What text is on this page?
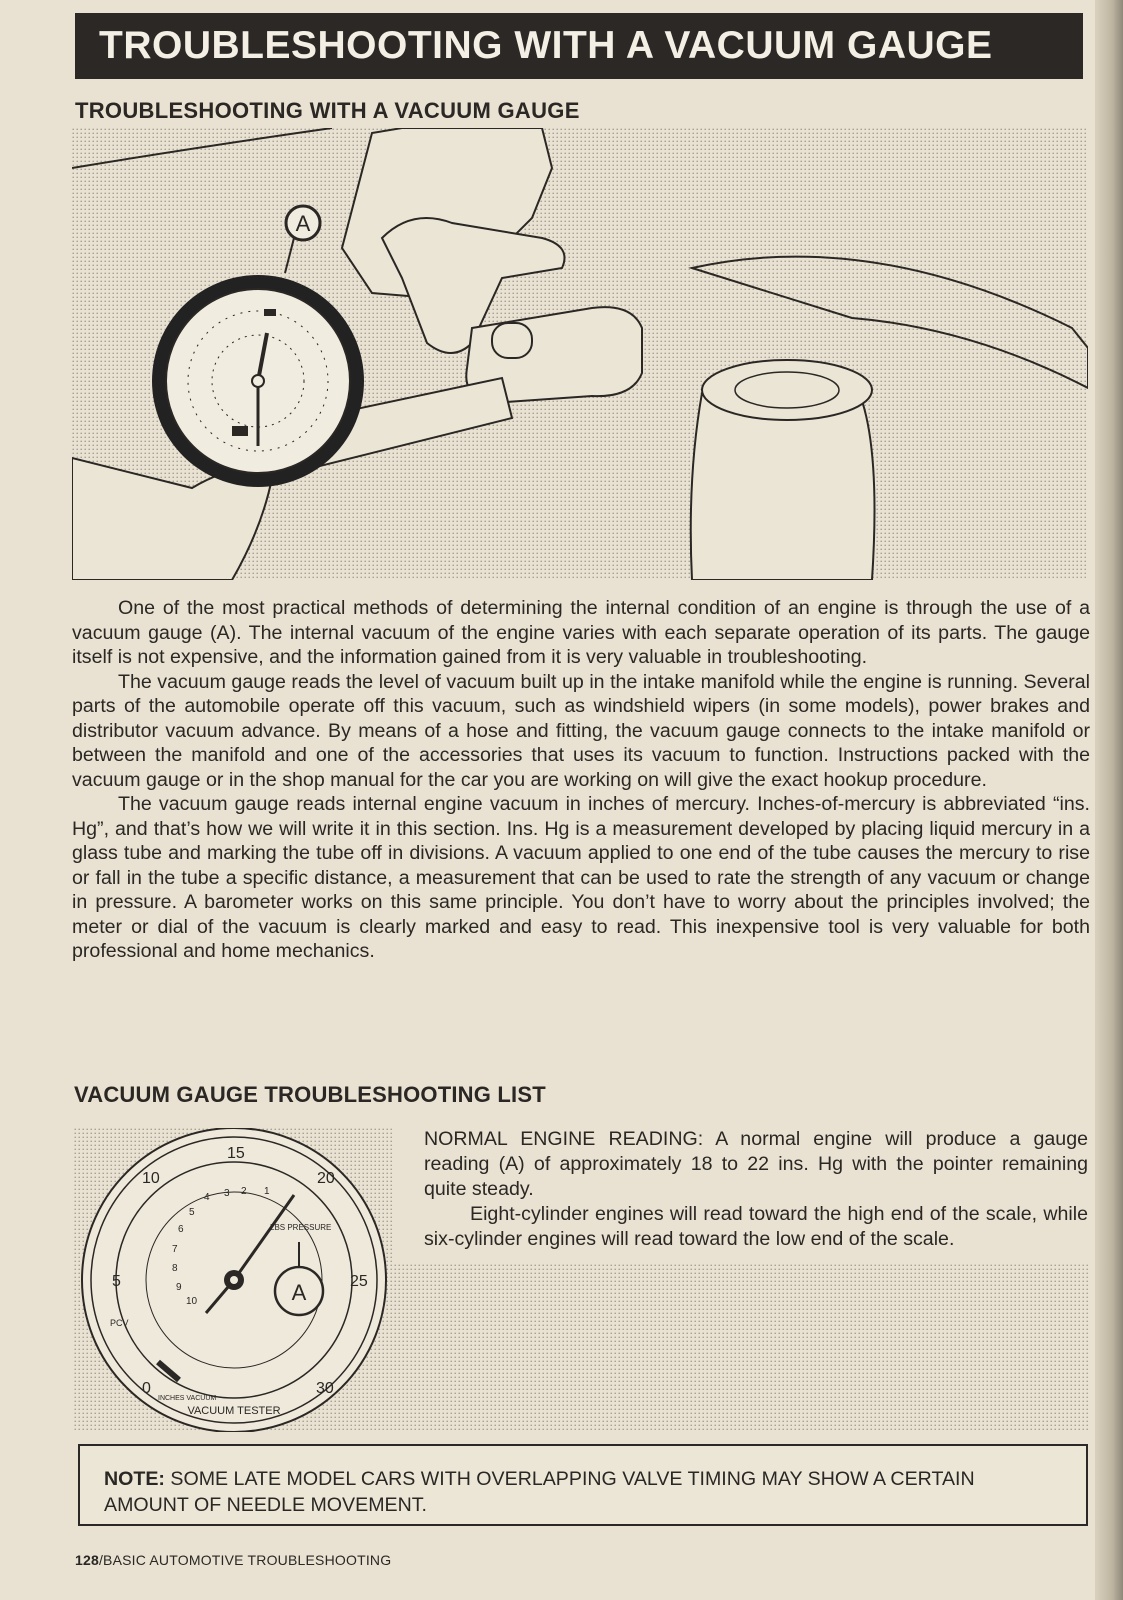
TROUBLESHOOTING WITH A VACUUM GAUGE
TROUBLESHOOTING WITH A VACUUM GAUGE
A

One of the most practical methods of determining the internal condition of an engine is through the use of a vacuum gauge (A). The internal vacuum of the engine varies with each separate operation of its parts. The gauge itself is not expensive, and the information gained from it is very valuable in troubleshooting.

The vacuum gauge reads the level of vacuum built up in the intake manifold while the engine is running. Several parts of the automobile operate off this vacuum, such as windshield wipers (in some models), power brakes and distributor vacuum advance. By means of a hose and fitting, the vacuum gauge connects to the intake manifold or between the manifold and one of the accessories that uses its vacuum to function. Instructions packed with the vacuum gauge or in the shop manual for the car you are working on will give the exact hookup procedure.

The vacuum gauge reads internal engine vacuum in inches of mercury. Inches-of-mercury is abbreviated “ins. Hg”, and that’s how we will write it in this section. Ins. Hg is a measurement developed by placing liquid mercury in a glass tube and marking the tube off in divisions. A vacuum applied to one end of the tube causes the mercury to rise or fall in the tube a specific distance, a measurement that can be used to rate the strength of any vacuum or change in pressure. A barometer works on this same principle. You don’t have to worry about the principles involved; the meter or dial of the vacuum is clearly marked and easy to read. This inexpensive tool is very valuable for both professional and home mechanics.

VACUUM GAUGE TROUBLESHOOTING LIST
0
5
10
15
20
25
30
1
2
3
4
5
6
7
8
9
10
PCV
LBS PRESSURE
INCHES VACUUM
VACUUM TESTER
A

NORMAL ENGINE READING: A normal engine will produce a gauge reading (A) of approximately 18 to 22 ins. Hg with the pointer remaining quite steady.

Eight-cylinder engines will read toward the high end of the scale, while six-cylinder engines will read toward the low end of the scale.

NOTE: SOME LATE MODEL CARS WITH OVERLAPPING VALVE TIMING MAY SHOW A CERTAIN AMOUNT OF NEEDLE MOVEMENT.
128/BASIC AUTOMOTIVE TROUBLESHOOTING
